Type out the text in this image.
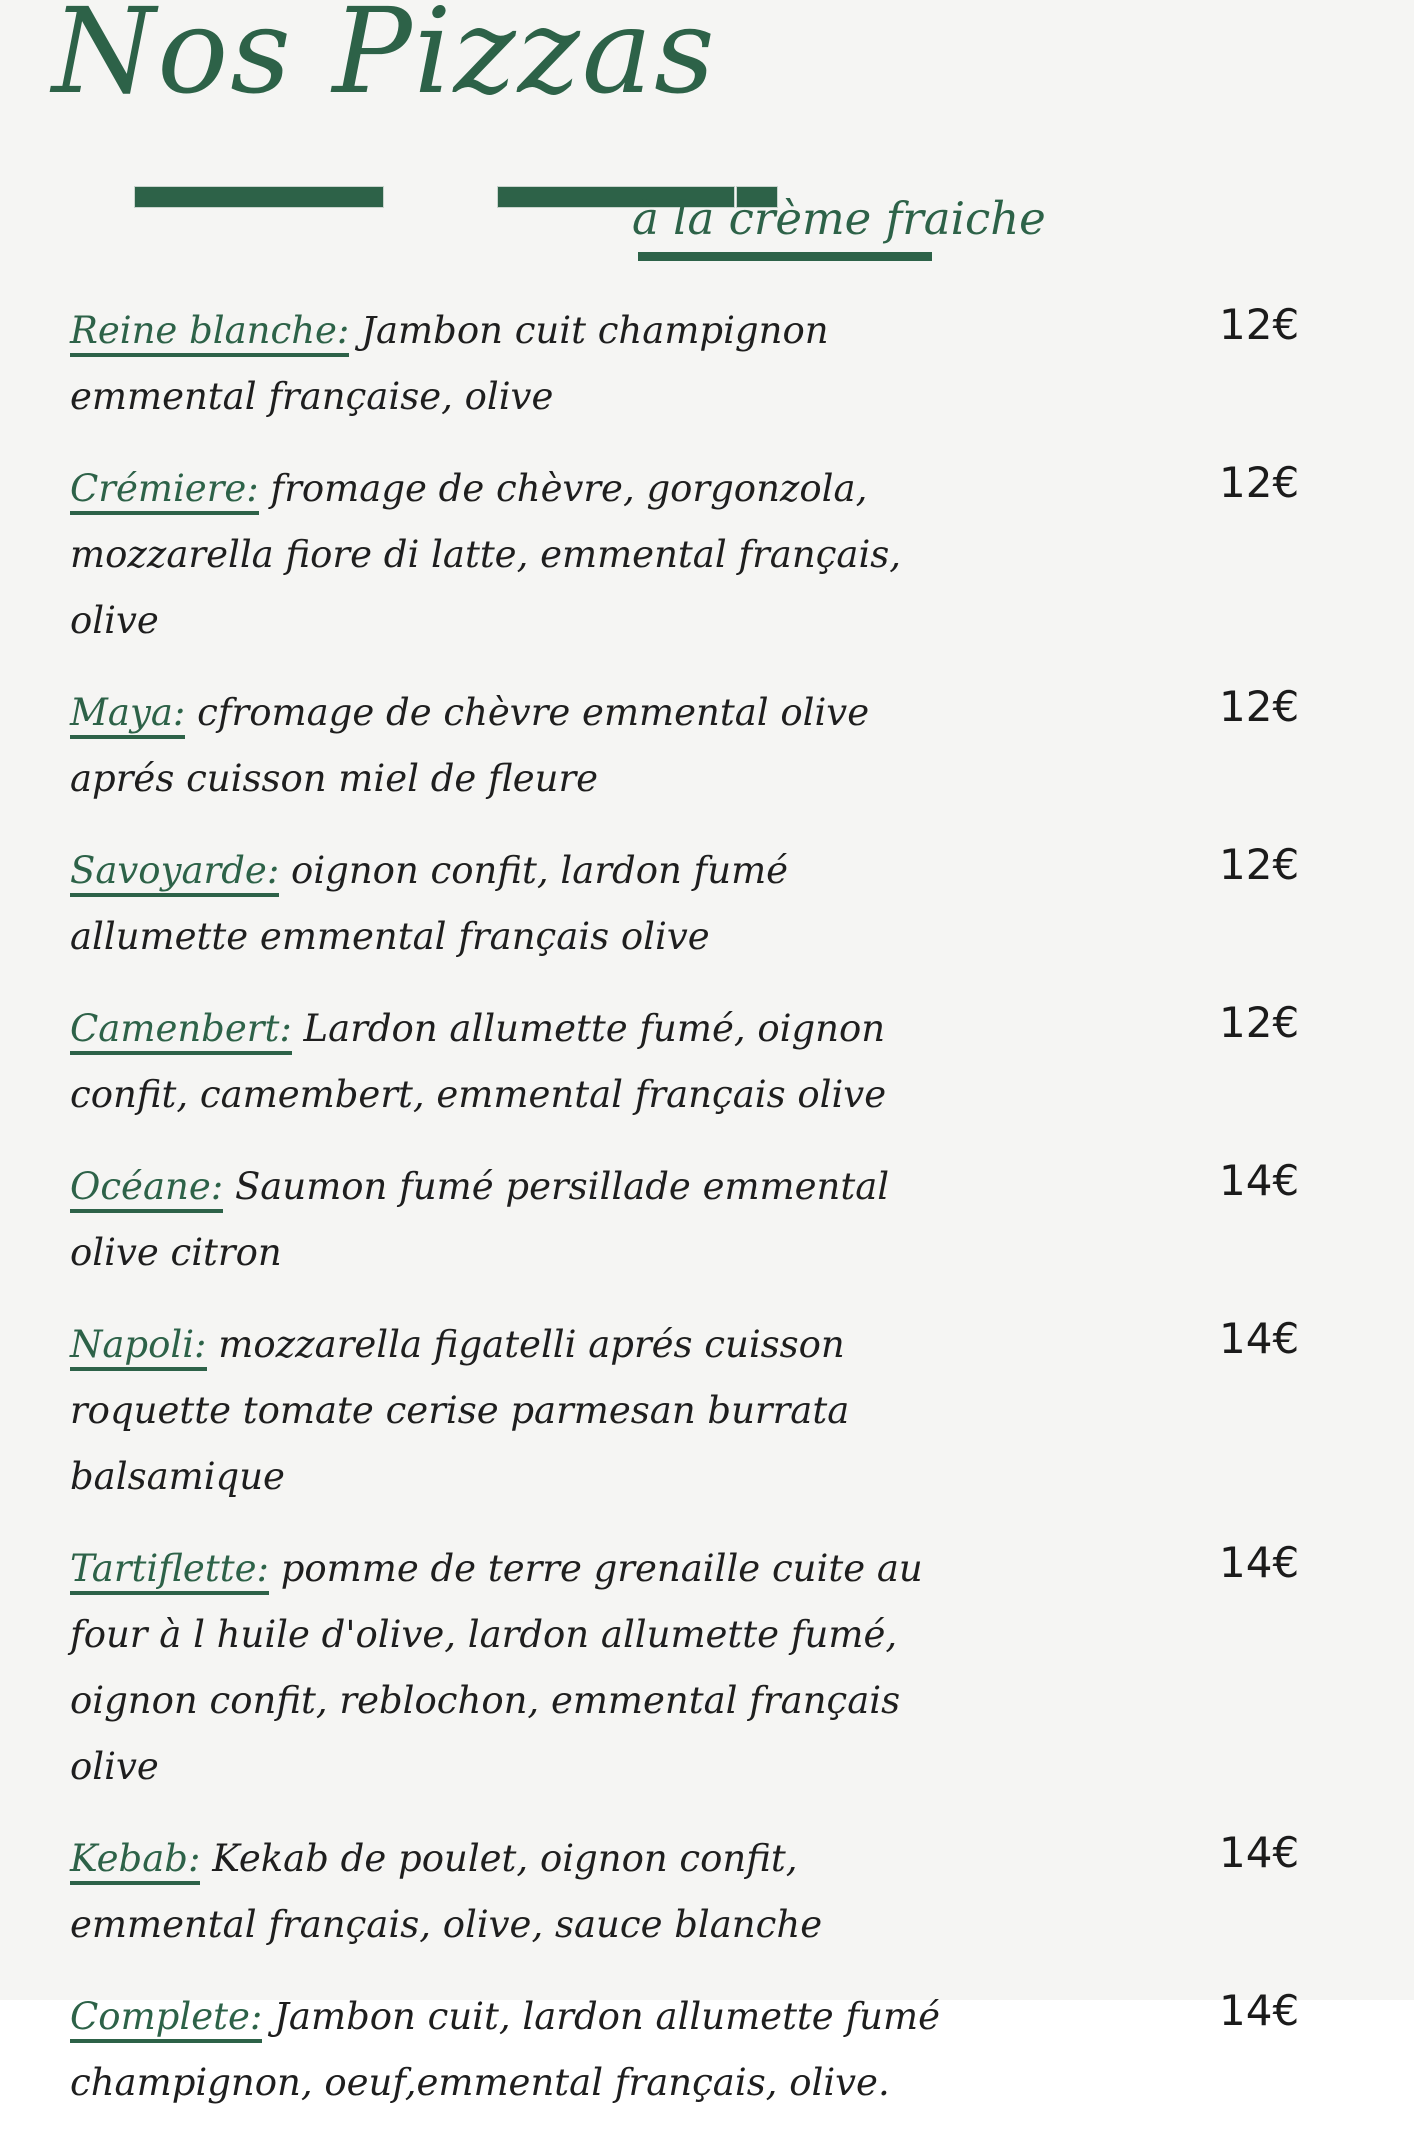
Nos Pizzas
à la crème fraiche

Reine blanche: Jambon cuit champignon emmental française, olive

12€

Crémiere: fromage de chèvre, gorgonzola, mozzarella fiore di latte, emmental français, olive

12€

Maya: cfromage de chèvre emmental olive aprés cuisson miel de fleure

12€

Savoyarde: oignon confit, lardon fumé allumette emmental français olive

12€

Camenbert: Lardon allumette fumé, oignon confit, camembert, emmental français olive

12€

Océane: Saumon fumé persillade emmental olive citron

14€

Napoli: mozzarella figatelli aprés cuisson roquette tomate cerise parmesan burrata balsamique

14€

Tartiflette: pomme de terre grenaille cuite au four à l huile d'olive, lardon allumette fumé, oignon confit, reblochon, emmental français olive

14€

Kebab: Kekab de poulet, oignon confit, emmental français, olive, sauce blanche

14€

Complete: Jambon cuit, lardon allumette fumé champignon, oeuf,emmental français, olive.

14€
